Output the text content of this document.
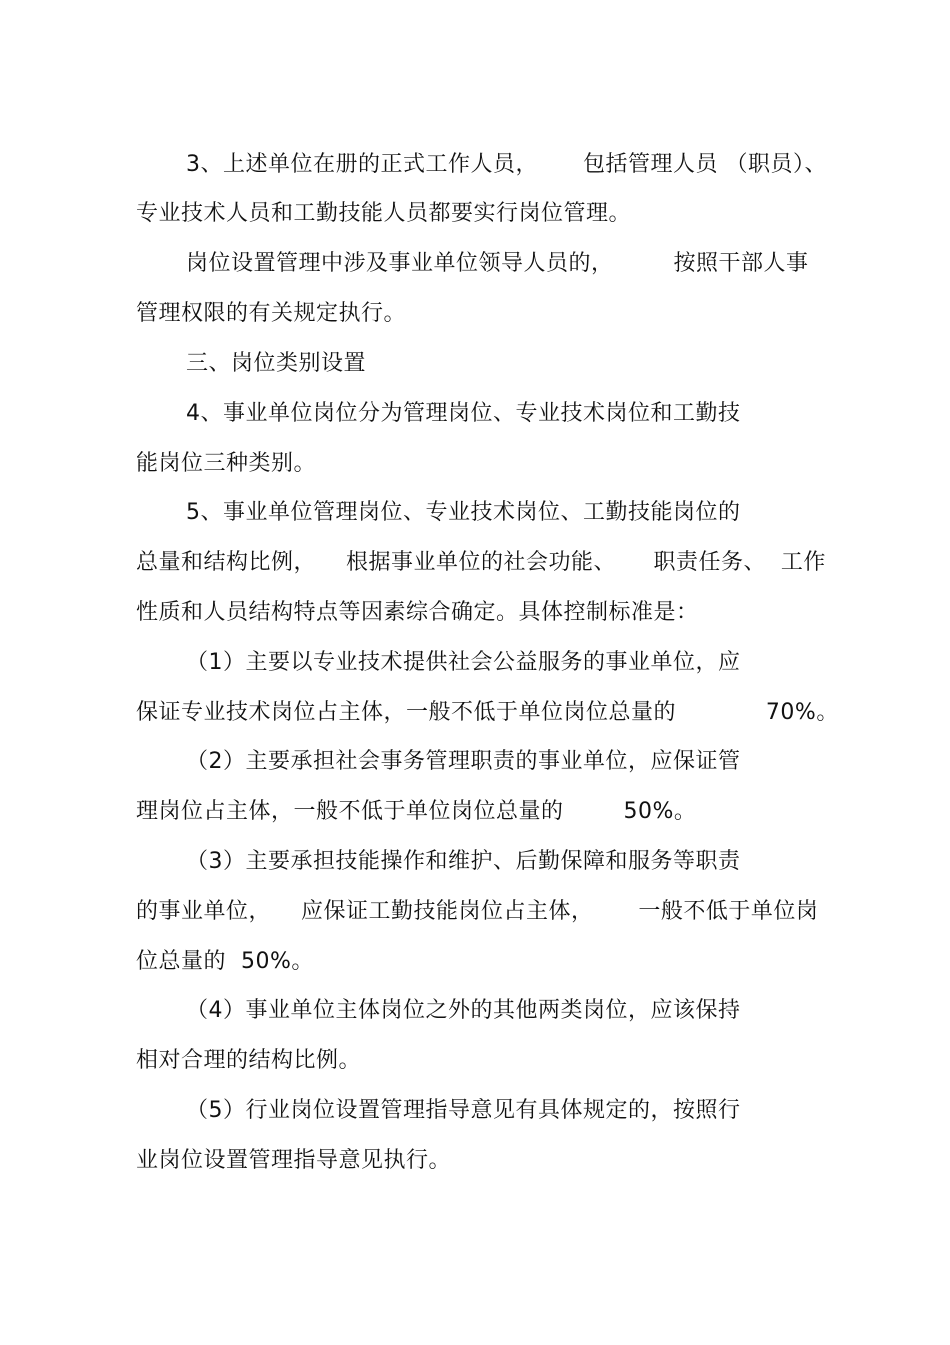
3、上述单位在册的正式工作人员，      包括管理人员 （职员）、
专业技术人员和工勤技能人员都要实行岗位管理。
岗位设置管理中涉及事业单位领导人员的，        按照干部人事
管理权限的有关规定执行。
三、岗位类别设置
4、事业单位岗位分为管理岗位、专业技术岗位和工勤技
能岗位三种类别。
5、事业单位管理岗位、专业技术岗位、工勤技能岗位的
总量和结构比例，    根据事业单位的社会功能、     职责任务、  工作
性质和人员结构特点等因素综合确定。具体控制标准是：
（1）主要以专业技术提供社会公益服务的事业单位，应
保证专业技术岗位占主体，一般不低于单位岗位总量的            70%。
（2）主要承担社会事务管理职责的事业单位，应保证管
理岗位占主体，一般不低于单位岗位总量的        50%。
（3）主要承担技能操作和维护、后勤保障和服务等职责
的事业单位，    应保证工勤技能岗位占主体，      一般不低于单位岗
位总量的  50%。
（4）事业单位主体岗位之外的其他两类岗位，应该保持
相对合理的结构比例。
（5）行业岗位设置管理指导意见有具体规定的，按照行
业岗位设置管理指导意见执行。
